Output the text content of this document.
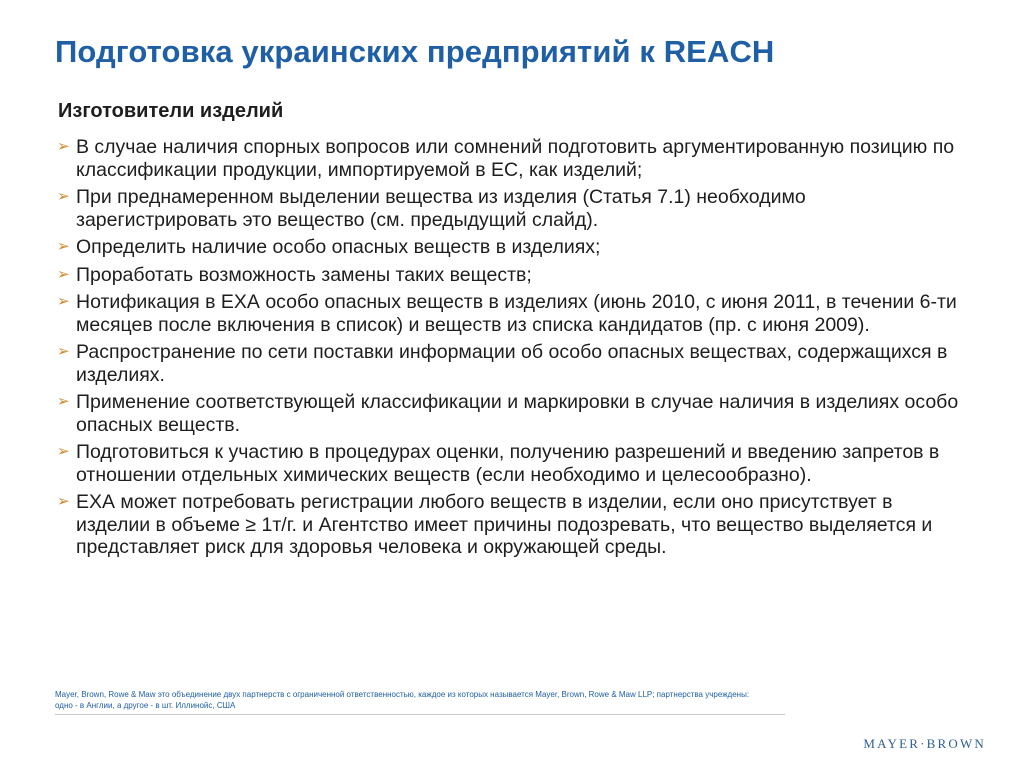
Подготовка украинских предприятий к REACH
Изготовители изделий
➢ В случае наличия спорных вопросов или сомнений подготовить аргументированную позицию по классификации продукции, импортируемой в ЕС, как изделий;
➢ При преднамеренном выделении вещества из изделия (Статья 7.1) необходимо зарегистрировать это вещество (см. предыдущий слайд).
➢ Определить наличие особо опасных веществ в изделиях;
➢ Проработать возможность замены таких веществ;
➢ Нотификация в ЕХА особо опасных веществ в изделиях (июнь 2010, с июня 2011, в течении 6-ти месяцев после включения в список) и веществ из списка кандидатов (пр. с июня 2009).
➢ Распространение по сети поставки информации об особо опасных веществах, содержащихся в изделиях.
➢ Применение соответствующей классификации и маркировки в случае наличия в изделиях особо опасных веществ.
➢ Подготовиться к участию в процедурах оценки, получению разрешений и введению запретов в отношении отдельных химических веществ (если необходимо и целесообразно).
➢ ЕХА может потребовать регистрации любого веществ в изделии, если оно присутствует в изделии в объеме ≥ 1т/г. и Агентство имеет причины подозревать, что вещество выделяется и представляет риск для здоровья человека и окружающей среды.
Mayer, Brown, Rowe & Maw это объединение двух партнерств с ограниченной ответственностью, каждое из которых называется Mayer, Brown, Rowe & Maw LLP; партнерства учреждены:
одно - в Англии, а другое - в шт. Иллинойс, США
MAYER·BROWN
